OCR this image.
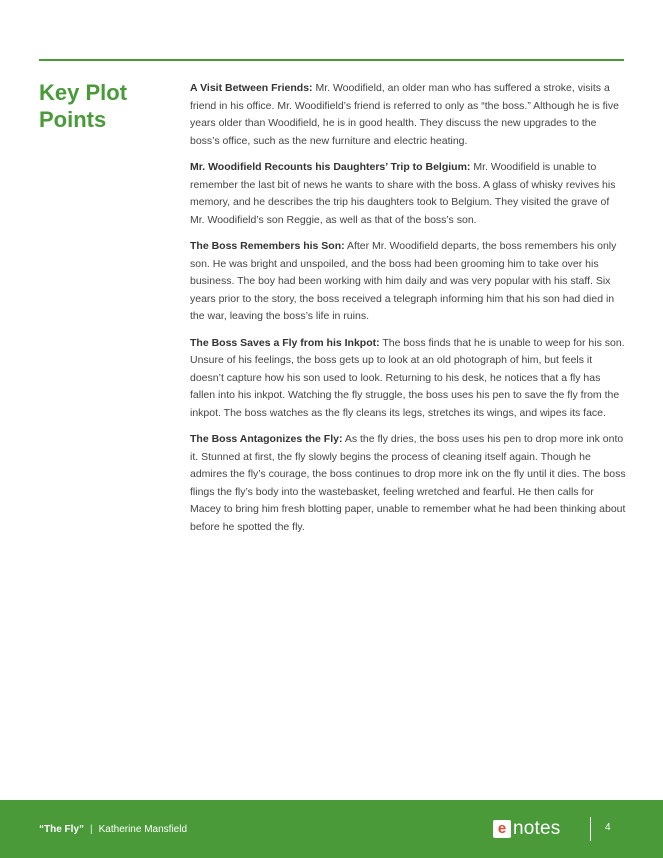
Key Plot Points

A Visit Between Friends: Mr. Woodifield, an older man who has suffered a stroke, visits a friend in his office. Mr. Woodifield’s friend is referred to only as “the boss.” Although he is five years older than Woodifield, he is in good health. They discuss the new upgrades to the boss’s office, such as the new furniture and electric heating.

Mr. Woodifield Recounts his Daughters’ Trip to Belgium: Mr. Woodifield is unable to remember the last bit of news he wants to share with the boss. A glass of whisky revives his memory, and he describes the trip his daughters took to Belgium. They visited the grave of Mr. Woodifield’s son Reggie, as well as that of the boss’s son.

The Boss Remembers his Son: After Mr. Woodifield departs, the boss remembers his only son. He was bright and unspoiled, and the boss had been grooming him to take over his business. The boy had been working with him daily and was very popular with his staff. Six years prior to the story, the boss received a telegraph informing him that his son had died in the war, leaving the boss’s life in ruins.

The Boss Saves a Fly from his Inkpot: The boss finds that he is unable to weep for his son. Unsure of his feelings, the boss gets up to look at an old photograph of him, but feels it doesn’t capture how his son used to look. Returning to his desk, he notices that a fly has fallen into his inkpot. Watching the fly struggle, the boss uses his pen to save the fly from the inkpot. The boss watches as the fly cleans its legs, stretches its wings, and wipes its face.

The Boss Antagonizes the Fly: As the fly dries, the boss uses his pen to drop more ink onto it. Stunned at first, the fly slowly begins the process of cleaning itself again. Though he admires the fly’s courage, the boss continues to drop more ink on the fly until it dies. The boss flings the fly’s body into the wastebasket, feeling wretched and fearful. He then calls for Macey to bring him fresh blotting paper, unable to remember what he had been thinking about before he spotted the fly.

“The Fly” | Katherine Mansfield	e notes	4
